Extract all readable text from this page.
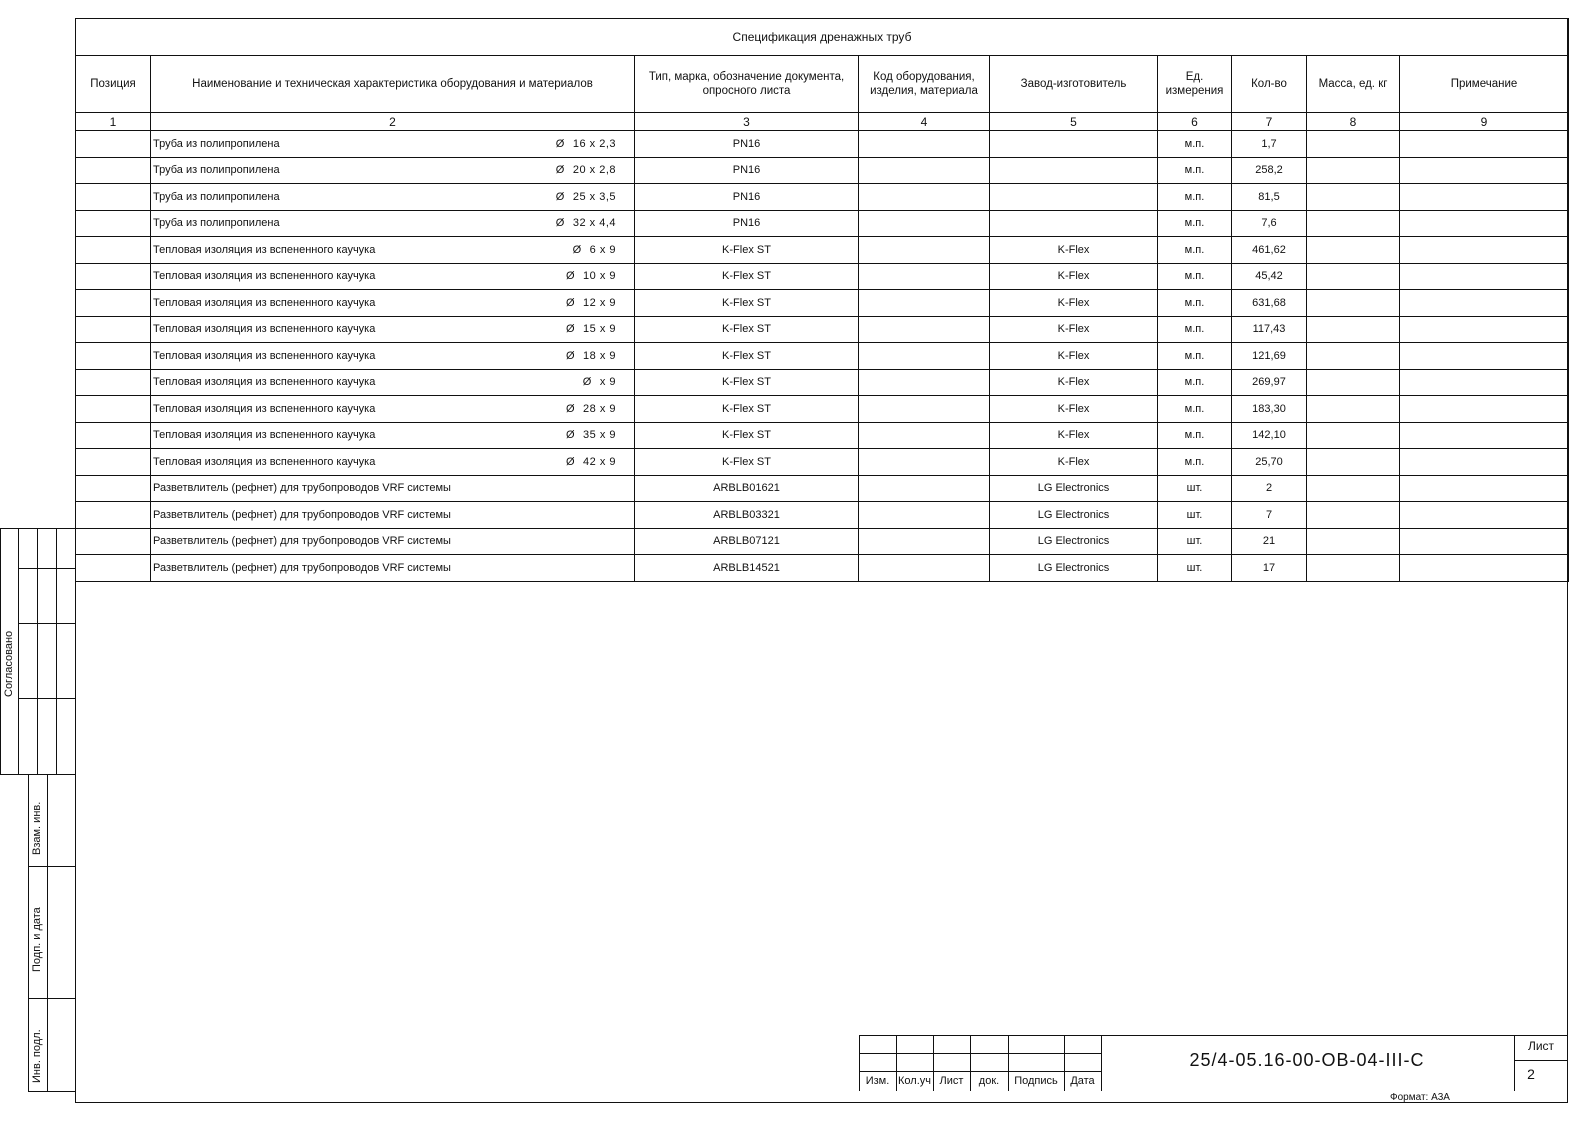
Спецификация дренажных труб								
Позиция	Наименование и техническая характеристика оборудования и материалов	Тип, марка, обозначение документа, опросного листа	Код оборудования, изделия, материала	Завод-изготовитель	Ед. измерения	Кол-во	Масса, ед. кг	Примечание
1	2	3	4	5	6	7	8	9

	Труба из полипропилена Ø 16 x 2,3	PN16			м.п.	1,7		

	Труба из полипропилена Ø 20 x 2,8	PN16			м.п.	258,2		

	Труба из полипропилена Ø 25 x 3,5	PN16			м.п.	81,5		

	Труба из полипропилена Ø 32 x 4,4	PN16			м.п.	7,6		

	Тепловая изоляция из вспененного каучука Ø 6 x 9	K-Flex ST		K-Flex	м.п.	461,62		

	Тепловая изоляция из вспененного каучука Ø 10 x 9	K-Flex ST		K-Flex	м.п.	45,42		

	Тепловая изоляция из вспененного каучука Ø 12 x 9	K-Flex ST		K-Flex	м.п.	631,68		

	Тепловая изоляция из вспененного каучука Ø 15 x 9	K-Flex ST		K-Flex	м.п.	117,43		

	Тепловая изоляция из вспененного каучука Ø 18 x 9	K-Flex ST		K-Flex	м.п.	121,69		

	Тепловая изоляция из вспененного каучука Ø x 9	K-Flex ST		K-Flex	м.п.	269,97		

	Тепловая изоляция из вспененного каучука Ø 28 x 9	K-Flex ST		K-Flex	м.п.	183,30		

	Тепловая изоляция из вспененного каучука Ø 35 x 9	K-Flex ST		K-Flex	м.п.	142,10		

	Тепловая изоляция из вспененного каучука Ø 42 x 9	K-Flex ST		K-Flex	м.п.	25,70		

	Разветвлитель (рефнет) для трубопроводов VRF системы	ARBLB01621		LG Electronics	шт.	2		

	Разветвлитель (рефнет) для трубопроводов VRF системы	ARBLB03321		LG Electronics	шт.	7		

	Разветвлитель (рефнет) для трубопроводов VRF системы	ARBLB07121		LG Electronics	шт.	21		

	Разветвлитель (рефнет) для трубопроводов VRF системы	ARBLB14521		LG Electronics	шт.	17		
Согласовано
Взам. инв.
Подп. и дата
Инв. подл.	Изм. Кол.уч Лист	док.	Подпись	Дата
25/4-05.16-00-ОВ-04-III-С
Лист
2
Формат: А3А
